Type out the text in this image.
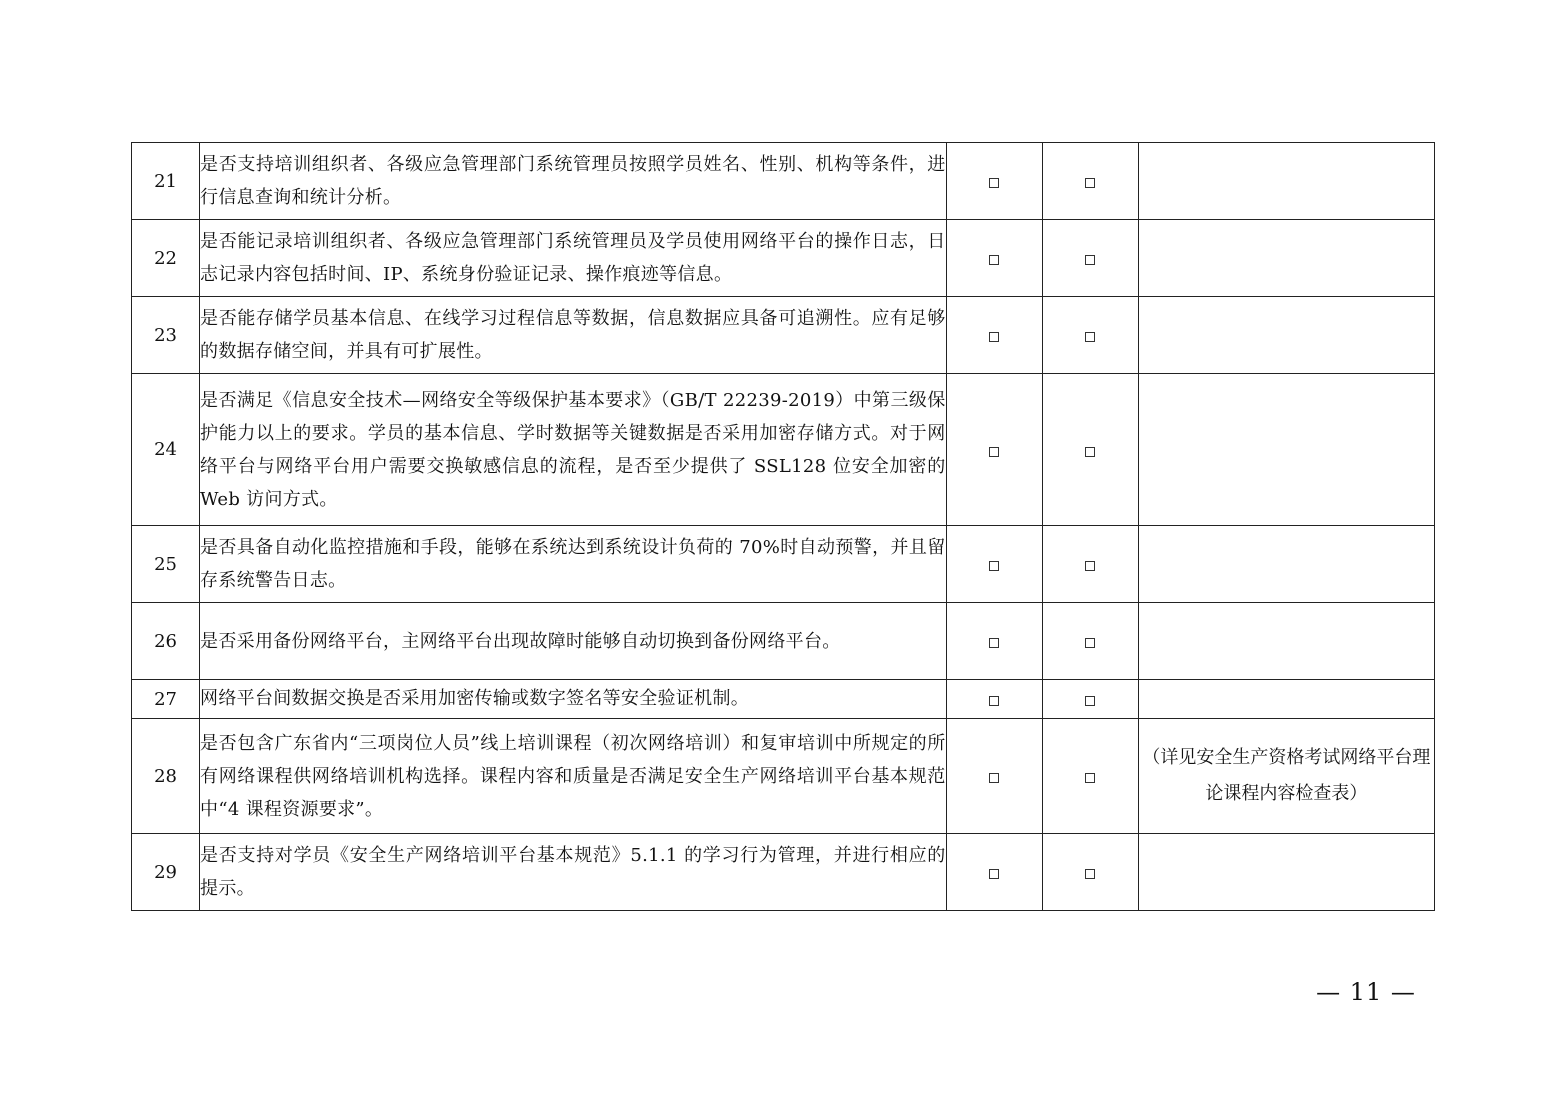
21	是否支持培训组织者、各级应急管理部门系统管理员按照学员姓名、性别、机构等条件，进行信息查询和统计分析。			
22	是否能记录培训组织者、各级应急管理部门系统管理员及学员使用网络平台的操作日志，日志记录内容包括时间、IP、系统身份验证记录、操作痕迹等信息。			
23	是否能存储学员基本信息、在线学习过程信息等数据，信息数据应具备可追溯性。应有足够的数据存储空间，并具有可扩展性。			
24	是否满足《信息安全技术—网络安全等级保护基本要求》（GB/T 22239-2019）中第三级保护能力以上的要求。学员的基本信息、学时数据等关键数据是否采用加密存储方式。对于网络平台与网络平台用户需要交换敏感信息的流程，是否至少提供了 SSL128 位安全加密的 Web 访问方式。			
25	是否具备自动化监控措施和手段，能够在系统达到系统设计负荷的 70%时自动预警，并且留存系统警告日志。			
26	是否采用备份网络平台，主网络平台出现故障时能够自动切换到备份网络平台。			
27	网络平台间数据交换是否采用加密传输或数字签名等安全验证机制。			
28	是否包含广东省内“三项岗位人员”线上培训课程（初次网络培训）和复审培训中所规定的所有网络课程供网络培训机构选择。课程内容和质量是否满足安全生产网络培训平台基本规范中“4 课程资源要求”。			（详见安全生产资格考试网络平台理论课程内容检查表）
29	是否支持对学员《安全生产网络培训平台基本规范》5.1.1 的学习行为管理，并进行相应的提示。			
— 11 —
